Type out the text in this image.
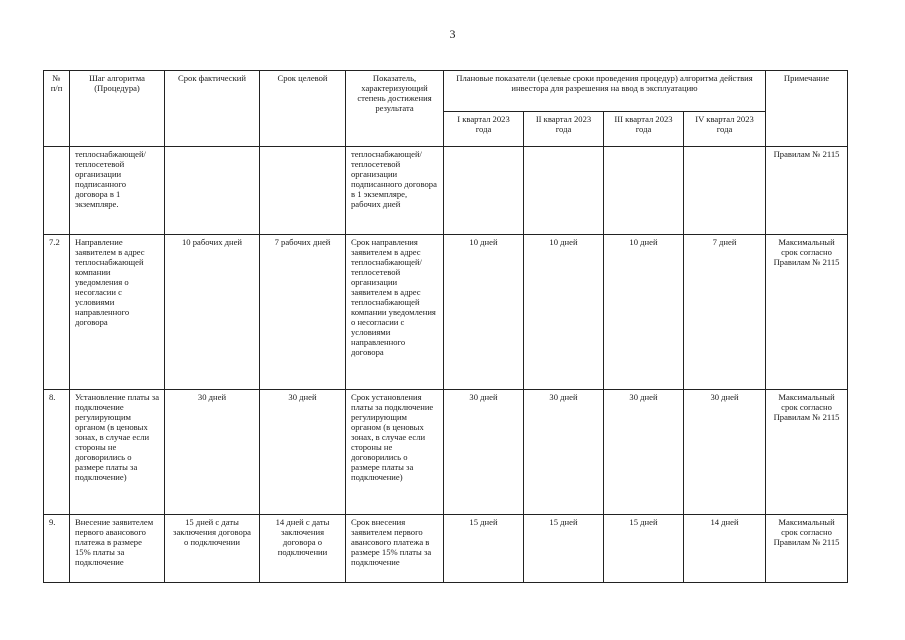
3
№ п/п	Шаг алгоритма (Процедура)	Срок фактический	Срок целевой	Показатель, характеризующий степень достижения результата	Плановые показатели (целевые сроки проведения процедур) алгоритма действия инвестора для разрешения на ввод в эксплуатацию				Примечание
					I квартал 2023 года	II квартал 2023 года	III квартал 2023 года	IV квартал 2023 года	
	теплоснабжающей/ теплосетевой организации подписанного договора в 1 экземпляре.			теплоснабжающей/ теплосетевой организации подписанного договора в 1 экземпляре, рабочих дней					Правилам № 2115
7.2	Направление заявителем в адрес теплоснабжающей компании уведомления о несогласии с условиями направленного договора	10 рабочих дней	7 рабочих дней	Срок направления заявителем в адрес теплоснабжающей/ теплосетевой организации заявителем в адрес теплоснабжающей компании уведомления о несогласии с условиями направленного договора	10 дней	10 дней	10 дней	7 дней	Максимальный срок согласно Правилам № 2115
8.	Установление платы за подключение регулирующим органом (в ценовых зонах, в случае если стороны не договорились о размере платы за подключение)	30 дней	30 дней	Срок установления платы за подключение регулирующим органом (в ценовых зонах, в случае если стороны не договорились о размере платы за подключение)	30 дней	30 дней	30 дней	30 дней	Максимальный срок согласно Правилам № 2115
9.	Внесение заявителем первого авансового платежа в размере 15% платы за подключение	15 дней с даты заключения договора о подключении	14 дней с даты заключения договора о подключении	Срок внесения заявителем первого авансового платежа в размере 15% платы за подключение	15 дней	15 дней	15 дней	14 дней	Максимальный срок согласно Правилам № 2115
